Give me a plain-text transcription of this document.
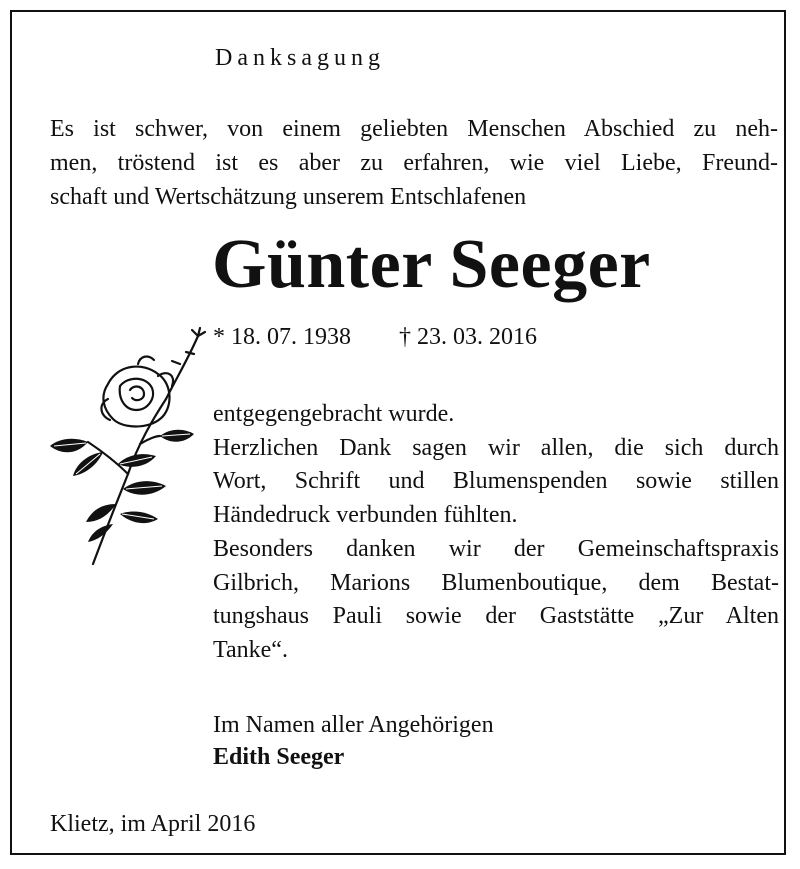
Danksagung

Es ist schwer, von einem geliebten Menschen Abschied zu neh-
men, tröstend ist es aber zu erfahren, wie viel Liebe, Freund-
schaft und Wertschätzung unserem Entschlafenen

Günter Seeger

* 18. 07. 1938 † 23. 03. 2016

entgegengebracht wurde.
Herzlichen Dank sagen wir allen, die sich durch
Wort, Schrift und Blumenspenden sowie stillen
Händedruck verbunden fühlten.
Besonders danken wir der Gemeinschaftspraxis
Gilbrich, Marions Blumenboutique, dem Bestat-
tungshaus Pauli sowie der Gaststätte „Zur Alten
Tanke“.
Im Namen aller Angehörigen
Edith Seeger

Klietz, im April 2016
